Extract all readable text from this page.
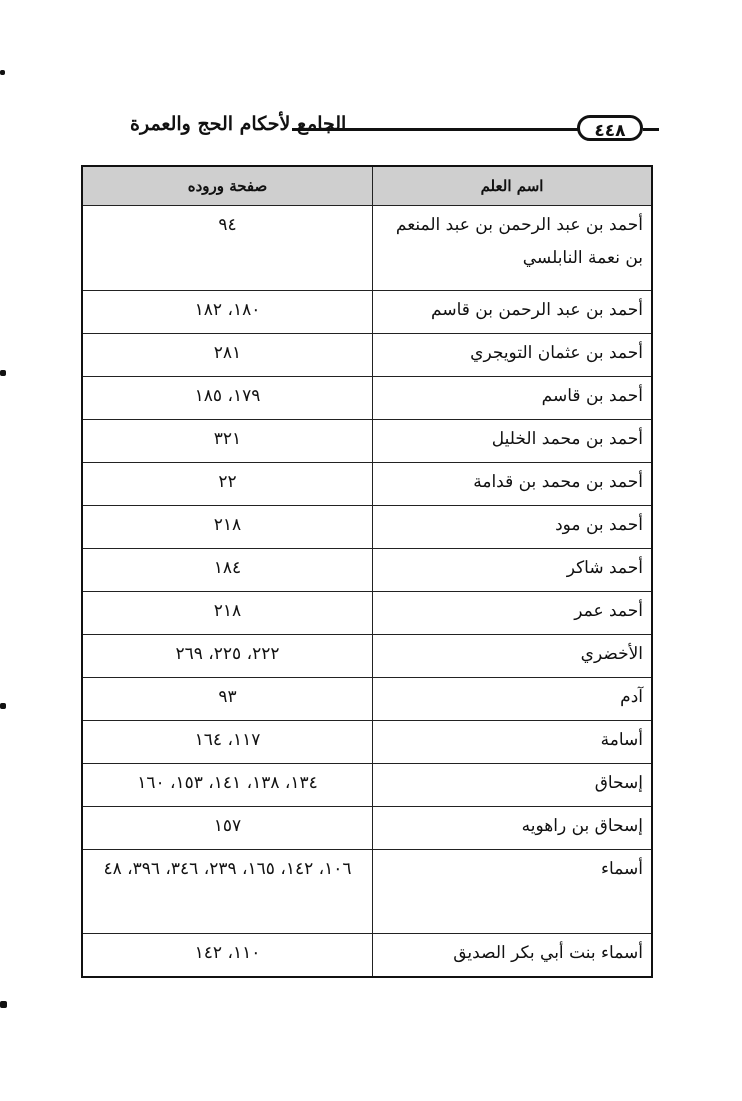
الجامع لأحكام الحج والعمرة	٤٤٨
اسم العلم	صفحة وروده
أحمد بن عبد الرحمن بن عبد المنعم بن نعمة النابلسي	٩٤
أحمد بن عبد الرحمن بن قاسم	١٨٠، ١٨٢
أحمد بن عثمان التويجري	٢٨١
أحمد بن قاسم	١٧٩، ١٨٥
أحمد بن محمد الخليل	٣٢١
أحمد بن محمد بن قدامة	٢٢
أحمد بن مود	٢١٨
أحمد شاكر	١٨٤
أحمد عمر	٢١٨
الأخضري	٢٢٢، ٢٢٥، ٢٦٩
آدم	٩٣
أسامة	١١٧، ١٦٤
إسحاق	١٣٤، ١٣٨، ١٤١، ١٥٣، ١٦٠
إسحاق بن راهويه	١٥٧
أسماء	١٠٦، ١٤٢، ١٦٥، ٢٣٩، ٣٤٦، ٣٩٦، ٤٨
أسماء بنت أبي بكر الصديق	١١٠، ١٤٢
